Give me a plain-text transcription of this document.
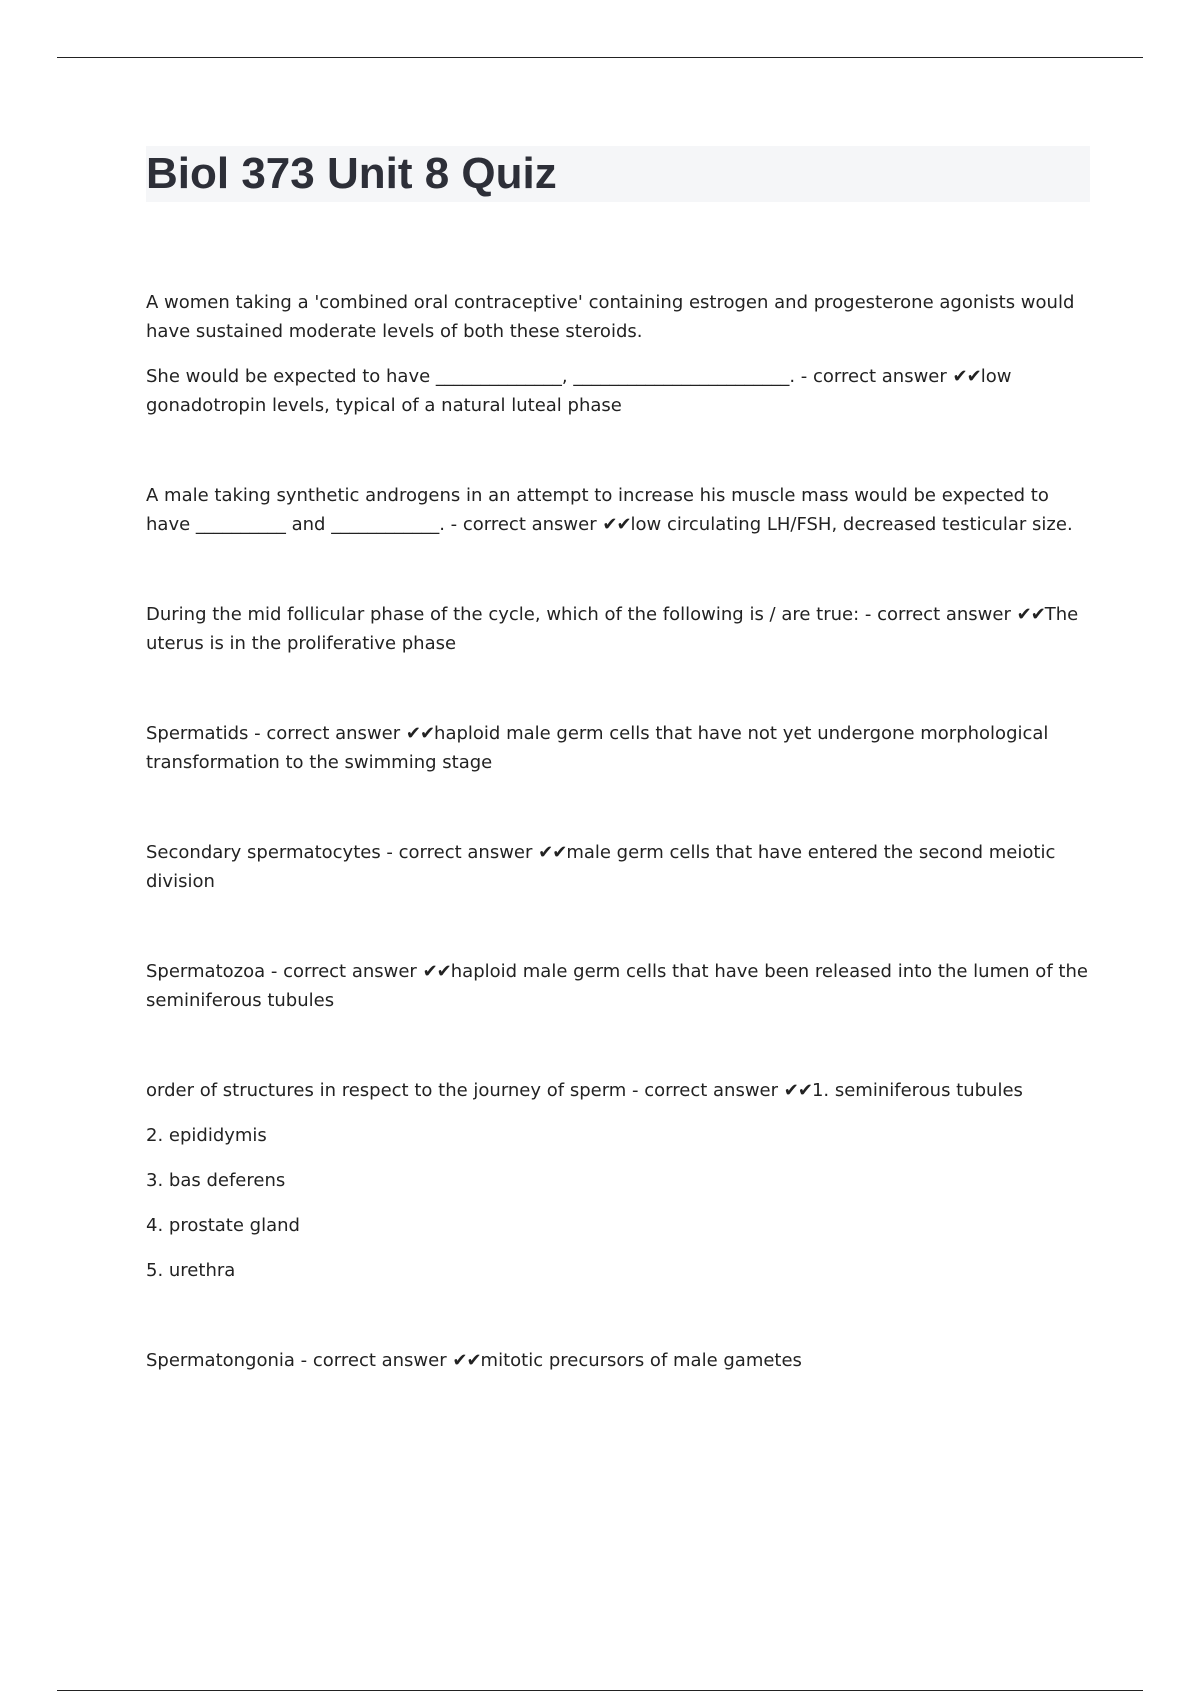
Biol 373 Unit 8 Quiz

A women taking a 'combined oral contraceptive' containing estrogen and progesterone agonists would have sustained moderate levels of both these steroids.

She would be expected to have ______________, ________________________. - correct answer ✔✔low gonadotropin levels, typical of a natural luteal phase

A male taking synthetic androgens in an attempt to increase his muscle mass would be expected to have __________ and ____________. - correct answer ✔✔low circulating LH/FSH, decreased testicular size.

During the mid follicular phase of the cycle, which of the following is / are true: - correct answer ✔✔The uterus is in the proliferative phase

Spermatids - correct answer ✔✔haploid male germ cells that have not yet undergone morphological transformation to the swimming stage

Secondary spermatocytes - correct answer ✔✔male germ cells that have entered the second meiotic division

Spermatozoa - correct answer ✔✔haploid male germ cells that have been released into the lumen of the seminiferous tubules

order of structures in respect to the journey of sperm - correct answer ✔✔1. seminiferous tubules

2. epididymis

3. bas deferens

4. prostate gland

5. urethra

Spermatongonia - correct answer ✔✔mitotic precursors of male gametes
